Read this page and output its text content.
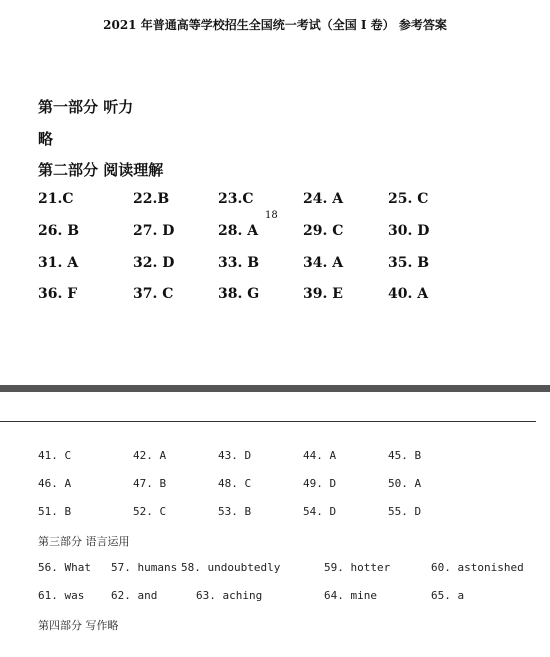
2021 年普通高等学校招生全国统一考试（全国 I 卷） 参考答案
第一部分 听力
略
第二部分 阅读理解
21.C	22.B	23.C	24. A	25. C
26. B	27. D	28. A	29. C	30. D
31. A	32. D	33. B	34. A	35. B
36. F	37. C	38. G	39. E	40. A
18
41. C	42. A	43. D	44. A	45. B
46. A	47. B	48. C	49. D	50. A
51. B	52. C	53. B	54. D	55. D
第三部分 语言运用
56. What 57. humans 58. undoubtedly	59. hotter	60. astonished
61. was 62. and	63. aching	64. mine	65. a
第四部分 写作略
